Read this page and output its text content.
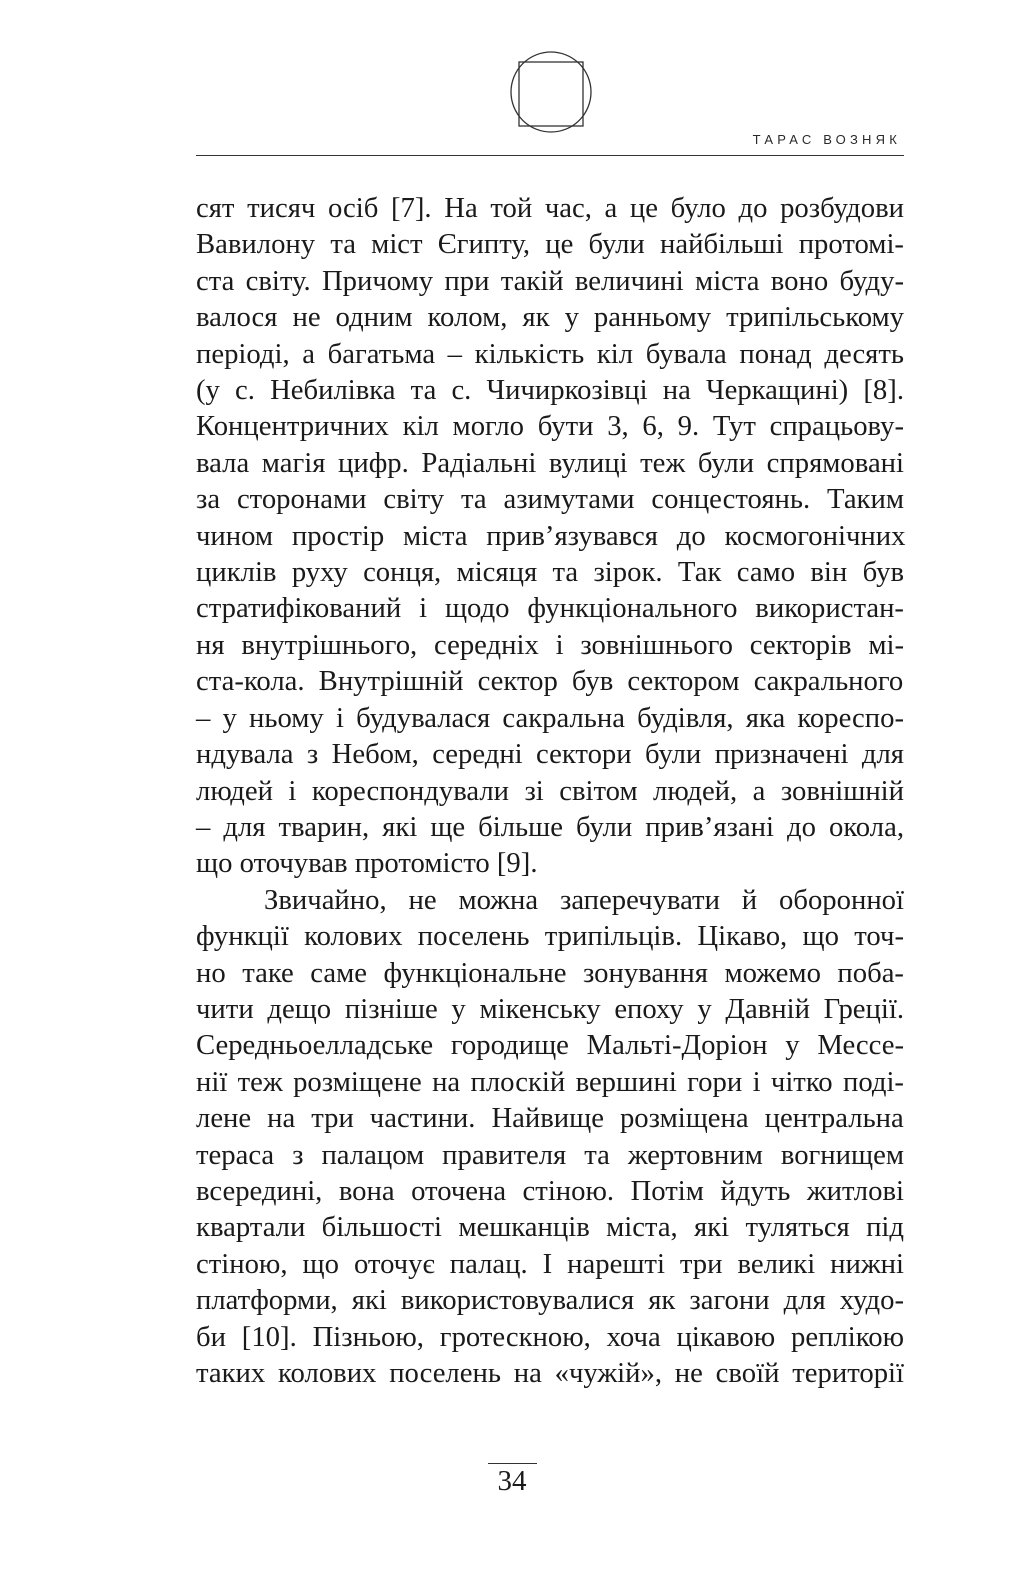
ТАРАС ВОЗНЯК
сят тисяч осіб [7]. На той час, а це було до розбудови
Вавилону та міст Єгипту, це були найбільші протомі-
ста світу. Причому при такій величині міста воно буду-
валося не одним колом, як у ранньому трипільському
періоді, а багатьма – кількість кіл бувала понад десять
(у с. Небилівка та с. Чичиркозівці на Черкащині) [8].
Концентричних кіл могло бути 3, 6, 9. Тут спрацьову-
вала магія цифр. Радіальні вулиці теж були спрямовані
за сторонами світу та азимутами сонцестоянь. Таким
чином простір міста прив’язувався до космогонічних
циклів руху сонця, місяця та зірок. Так само він був
стратифікований і щодо функціонального використан-
ня внутрішнього, середніх і зовнішнього секторів мі-
ста-кола. Внутрішній сектор був сектором сакрального
– у ньому і будувалася сакральна будівля, яка кореспо-
ндувала з Небом, середні сектори були призначені для
людей і кореспондували зі світом людей, а зовнішній
– для тварин, які ще більше були прив’язані до окола,
що оточував протомісто [9].
Звичайно, не можна заперечувати й оборонної
функції колових поселень трипільців. Цікаво, що точ-
но таке саме функціональне зонування можемо поба-
чити дещо пізніше у мікенську епоху у Давній Греції.
Середньоелладське городище Мальті-Доріон у Мессе-
нії теж розміщене на плоскій вершині гори і чітко поді-
лене на три частини. Найвище розміщена центральна
тераса з палацом правителя та жертовним вогнищем
всередині, вона оточена стіною. Потім йдуть житлові
квартали більшості мешканців міста, які туляться під
стіною, що оточує палац. І нарешті три великі нижні
платформи, які використовувалися як загони для худо-
би [10]. Пізньою, гротескною, хоча цікавою реплікою
таких колових поселень на «чужій», не своїй території
34
